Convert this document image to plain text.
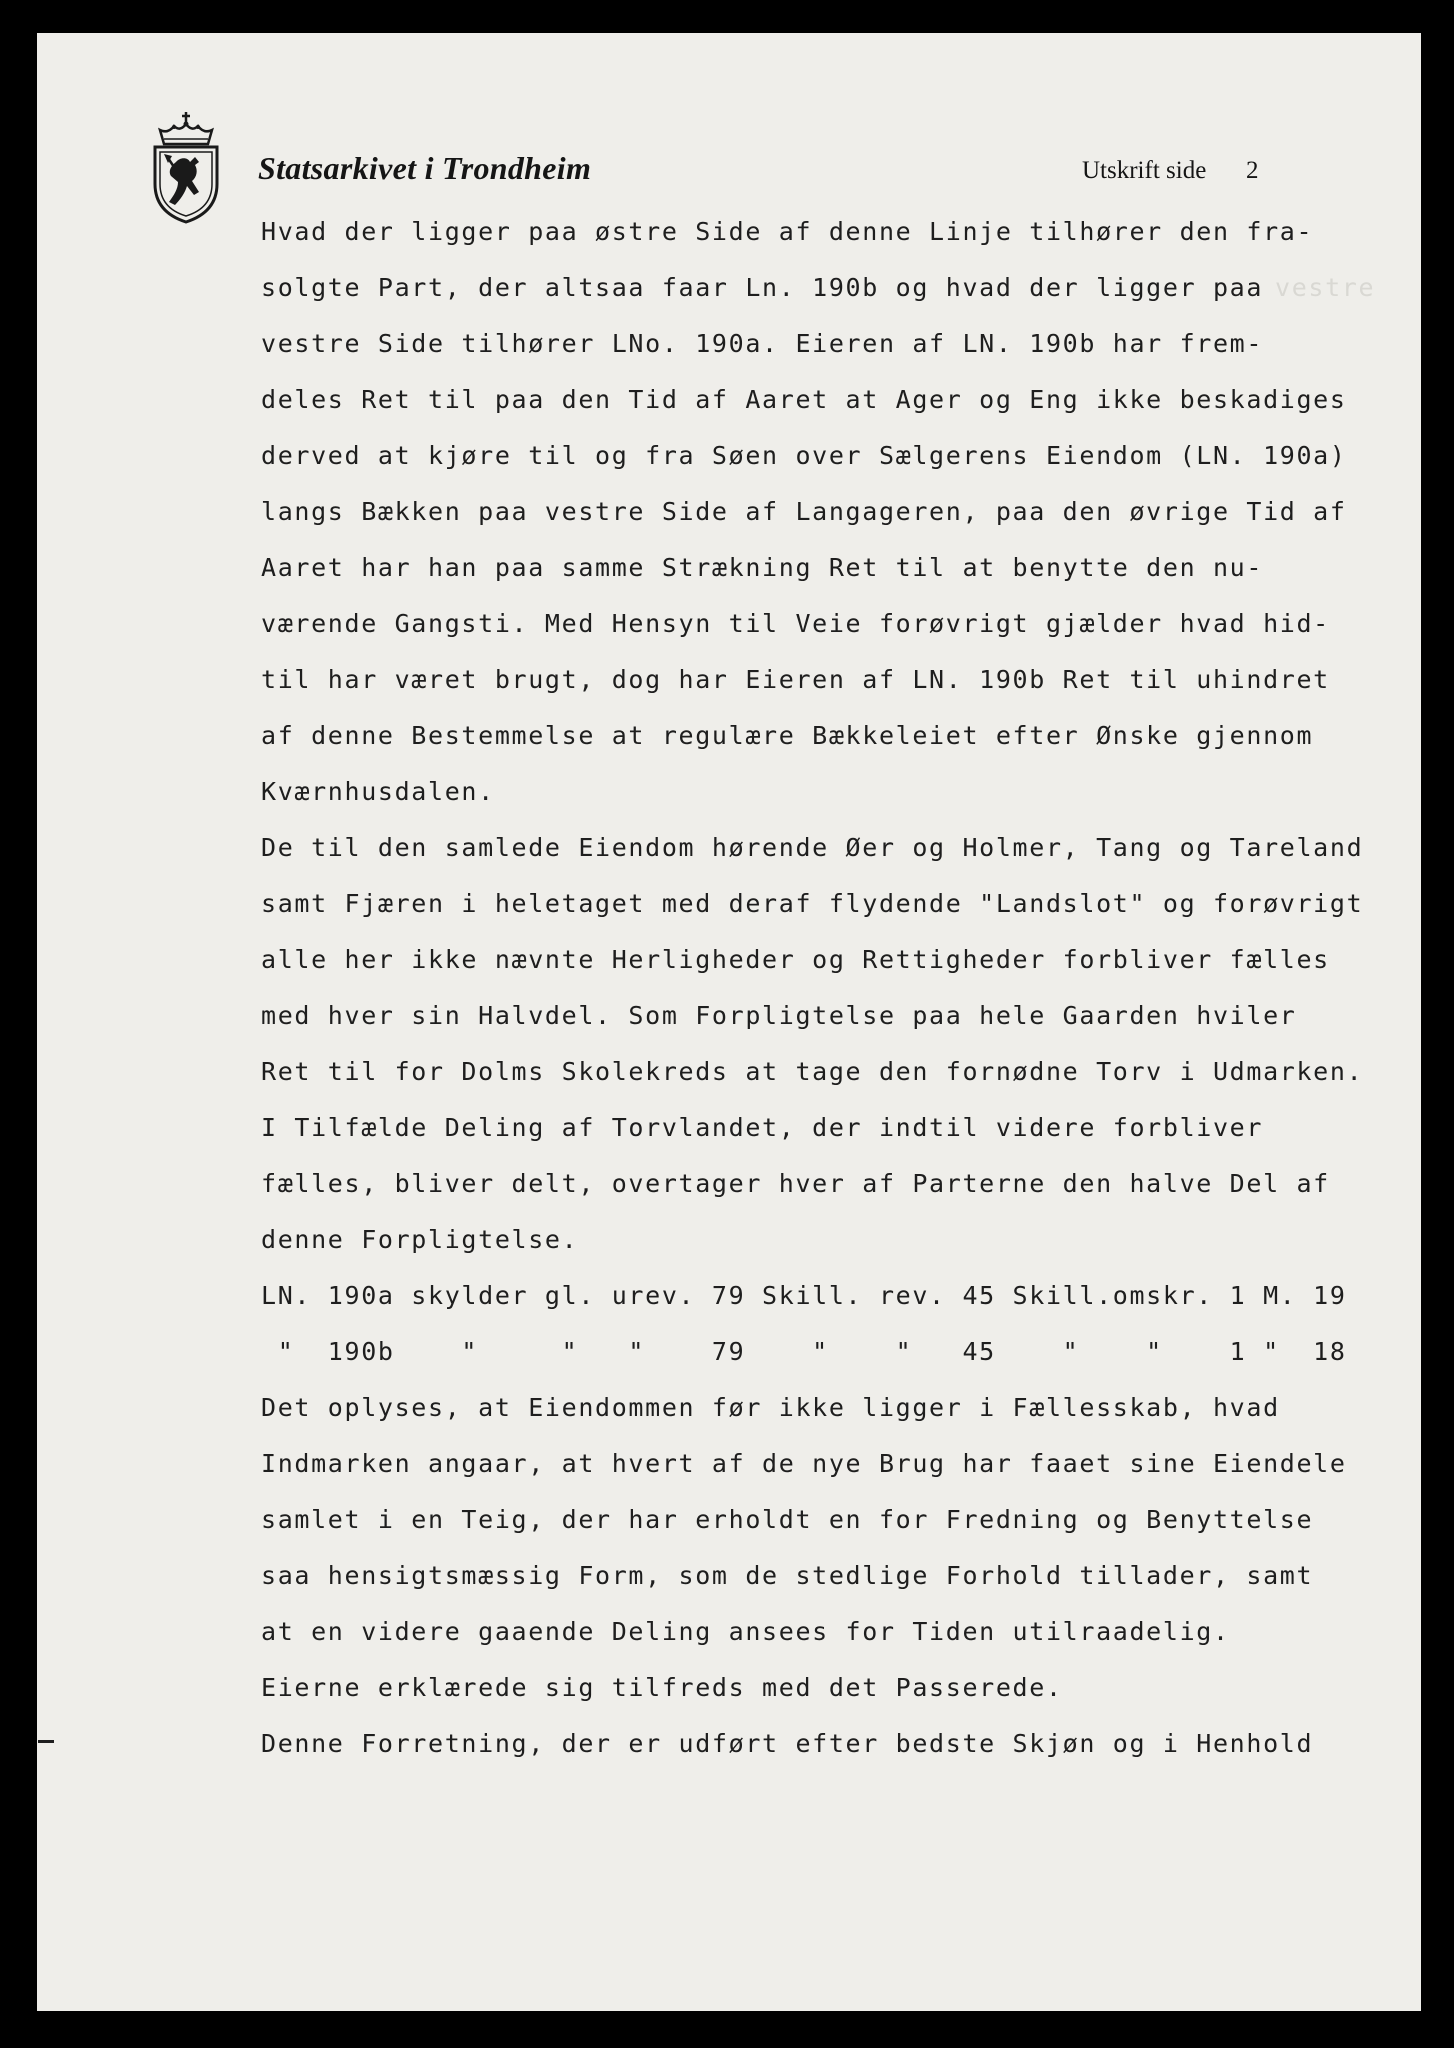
Statsarkivet i Trondheim	Utskrift side 2
Hvad der ligger paa østre Side af denne Linje tilhører den fra-
solgte Part, der altsaa faar Ln. 190b og hvad der ligger paa
vestre Side tilhører LNo. 190a. Eieren af LN. 190b har frem-
deles Ret til paa den Tid af Aaret at Ager og Eng ikke beskadiges
derved at kjøre til og fra Søen over Sælgerens Eiendom (LN. 190a)
langs Bækken paa vestre Side af Langageren, paa den øvrige Tid af
Aaret har han paa samme Strækning Ret til at benytte den nu-
værende Gangsti. Med Hensyn til Veie forøvrigt gjælder hvad hid-
til har været brugt, dog har Eieren af LN. 190b Ret til uhindret
af denne Bestemmelse at regulære Bækkeleiet efter Ønske gjennom
Kværnhusdalen.
De til den samlede Eiendom hørende Øer og Holmer, Tang og Tareland
samt Fjæren i heletaget med deraf flydende "Landslot" og forøvrigt
alle her ikke nævnte Herligheder og Rettigheder forbliver fælles
med hver sin Halvdel. Som Forpligtelse paa hele Gaarden hviler
Ret til for Dolms Skolekreds at tage den fornødne Torv i Udmarken.
I Tilfælde Deling af Torvlandet, der indtil videre forbliver
fælles, bliver delt, overtager hver af Parterne den halve Del af
denne Forpligtelse.
LN. 190a skylder gl. urev. 79 Skill. rev. 45 Skill.omskr. 1 M. 19
"  190b    "     "   "    79    "    "   45    "    "    1 "  18
Det oplyses, at Eiendommen før ikke ligger i Fællesskab, hvad
Indmarken angaar, at hvert af de nye Brug har faaet sine Eiendele
samlet i en Teig, der har erholdt en for Fredning og Benyttelse
saa hensigtsmæssig Form, som de stedlige Forhold tillader, samt
at en videre gaaende Deling ansees for Tiden utilraadelig.
Eierne erklærede sig tilfreds med det Passerede.
Denne Forretning, der er udført efter bedste Skjøn og i Henhold
vestre
